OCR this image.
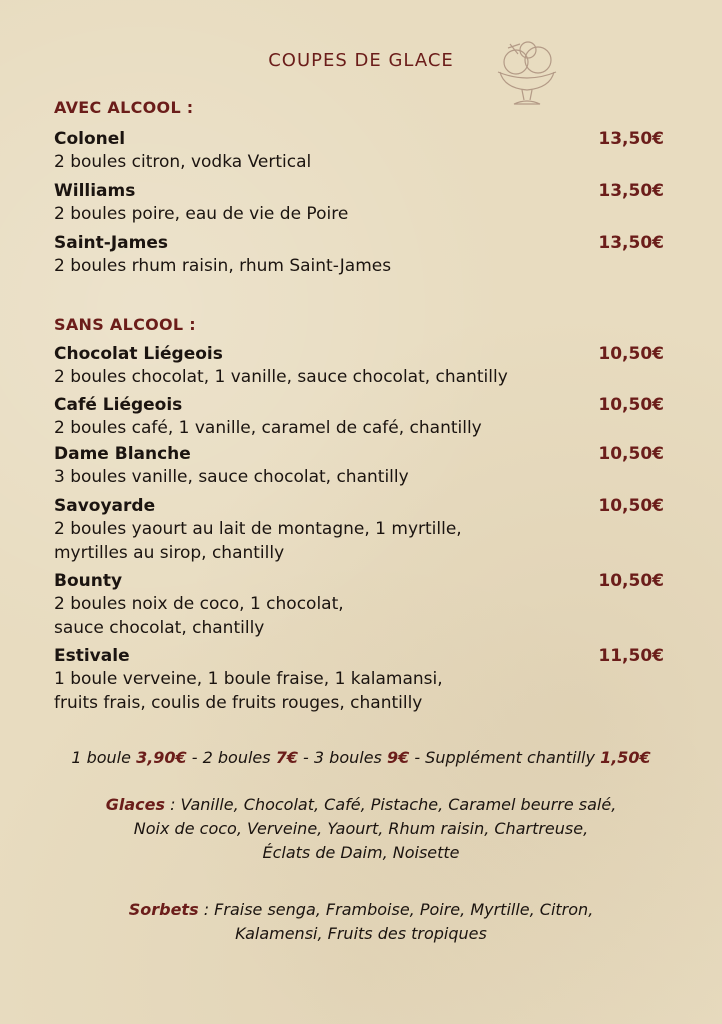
COUPES DE GLACE
AVEC ALCOOL :
Colonel	13,50€
2 boules citron, vodka Vertical
Williams	13,50€
2 boules poire, eau de vie de Poire
Saint-James	13,50€
2 boules rhum raisin, rhum Saint-James
SANS ALCOOL :
Chocolat Liégeois	10,50€
2 boules chocolat, 1 vanille, sauce chocolat, chantilly
Café Liégeois	10,50€
2 boules café, 1 vanille, caramel de café, chantilly
Dame Blanche	10,50€
3 boules vanille, sauce chocolat, chantilly
Savoyarde	10,50€
2 boules yaourt au lait de montagne, 1 myrtille,
myrtilles au sirop, chantilly
Bounty	10,50€
2 boules noix de coco, 1 chocolat,
sauce chocolat, chantilly
Estivale	11,50€
1 boule verveine, 1 boule fraise, 1 kalamansi,
fruits frais, coulis de fruits rouges, chantilly
1 boule 3,90€ - 2 boules 7€ - 3 boules 9€ - Supplément chantilly 1,50€
Glaces : Vanille, Chocolat, Café, Pistache, Caramel beurre salé,
Noix de coco, Verveine, Yaourt, Rhum raisin, Chartreuse,
Éclats de Daim, Noisette
Sorbets : Fraise senga, Framboise, Poire, Myrtille, Citron,
Kalamensi, Fruits des tropiques
